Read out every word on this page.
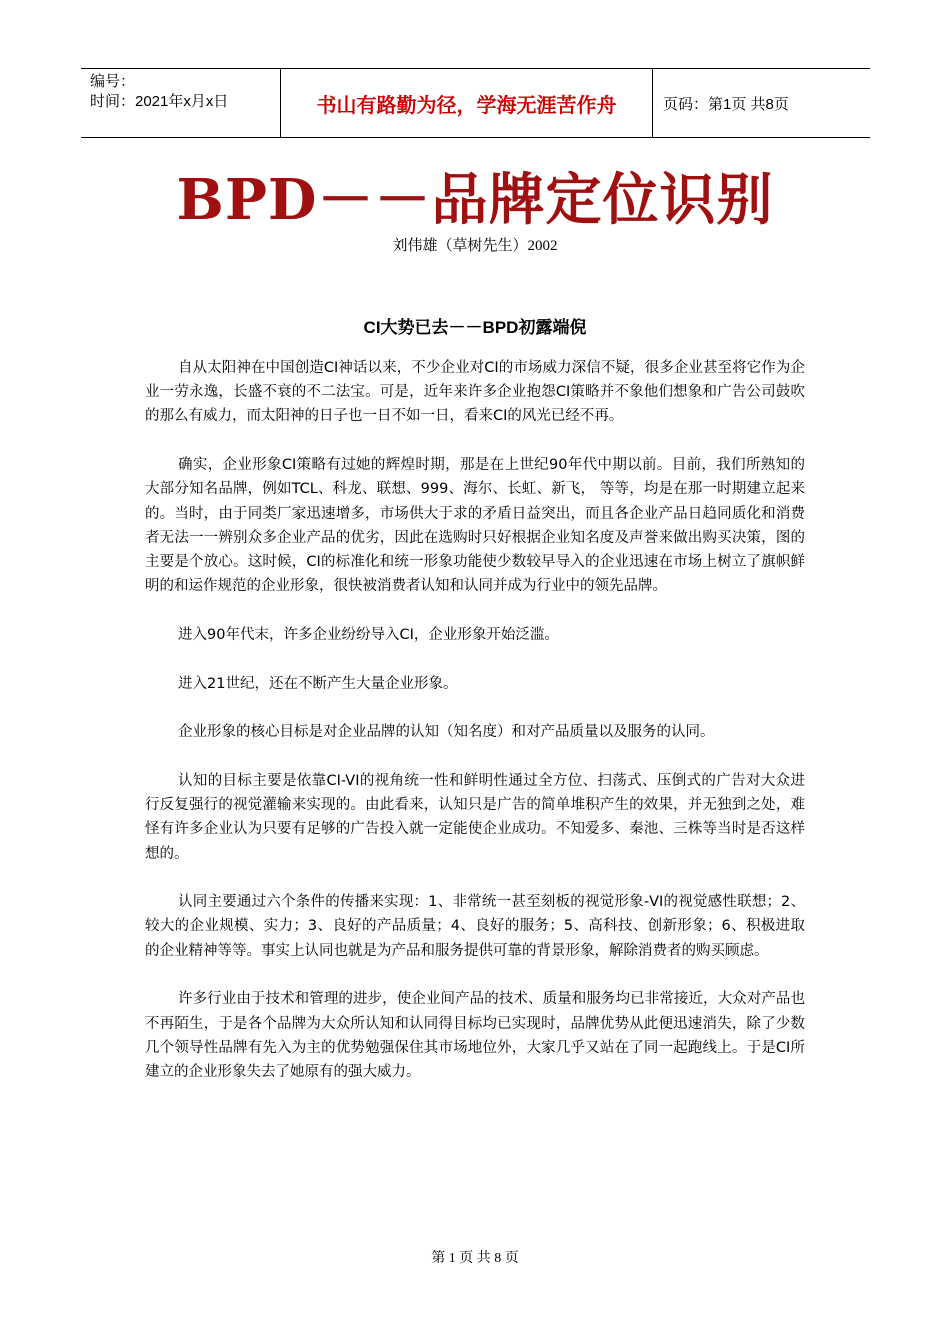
编号：
时间：2021年x月x日	书山有路勤为径，学海无涯苦作舟	页码：第1页 共8页
BPD－－品牌定位识别
刘伟雄（草树先生）2002
CI大势已去－－BPD初露端倪

自从太阳神在中国创造CI神话以来，不少企业对CI的市场威力深信不疑，很多企业甚至将它作为企业一劳永逸，长盛不衰的不二法宝。可是，近年来许多企业抱怨CI策略并不象他们想象和广告公司鼓吹的那么有威力，而太阳神的日子也一日不如一日，看来CI的风光已经不再。

确实，企业形象CI策略有过她的辉煌时期，那是在上世纪90年代中期以前。目前，我们所熟知的大部分知名品牌，例如TCL、科龙、联想、999、海尔、长虹、新飞， 等等，均是在那一时期建立起来的。当时，由于同类厂家迅速增多，市场供大于求的矛盾日益突出，而且各企业产品日趋同质化和消费者无法一一辨别众多企业产品的优劣，因此在选购时只好根据企业知名度及声誉来做出购买决策，图的主要是个放心。这时候，CI的标准化和统一形象功能使少数较早导入的企业迅速在市场上树立了旗帜鲜明的和运作规范的企业形象，很快被消费者认知和认同并成为行业中的领先品牌。

进入90年代末，许多企业纷纷导入CI，企业形象开始泛滥。

进入21世纪，还在不断产生大量企业形象。

企业形象的核心目标是对企业品牌的认知（知名度）和对产品质量以及服务的认同。

认知的目标主要是依靠CI-VI的视角统一性和鲜明性通过全方位、扫荡式、压倒式的广告对大众进行反复强行的视觉灌输来实现的。由此看来，认知只是广告的简单堆积产生的效果，并无独到之处，难怪有许多企业认为只要有足够的广告投入就一定能使企业成功。不知爱多、秦池、三株等当时是否这样想的。

认同主要通过六个条件的传播来实现：1、非常统一甚至刻板的视觉形象-VI的视觉感性联想；2、较大的企业规模、实力；3、良好的产品质量；4、良好的服务；5、高科技、创新形象；6、积极进取的企业精神等等。事实上认同也就是为产品和服务提供可靠的背景形象，解除消费者的购买顾虑。

许多行业由于技术和管理的进步，使企业间产品的技术、质量和服务均已非常接近，大众对产品也不再陌生，于是各个品牌为大众所认知和认同得目标均已实现时，品牌优势从此便迅速消失，除了少数几个领导性品牌有先入为主的优势勉强保住其市场地位外，大家几乎又站在了同一起跑线上。于是CI所建立的企业形象失去了她原有的强大威力。

第 1 页 共 8 页
